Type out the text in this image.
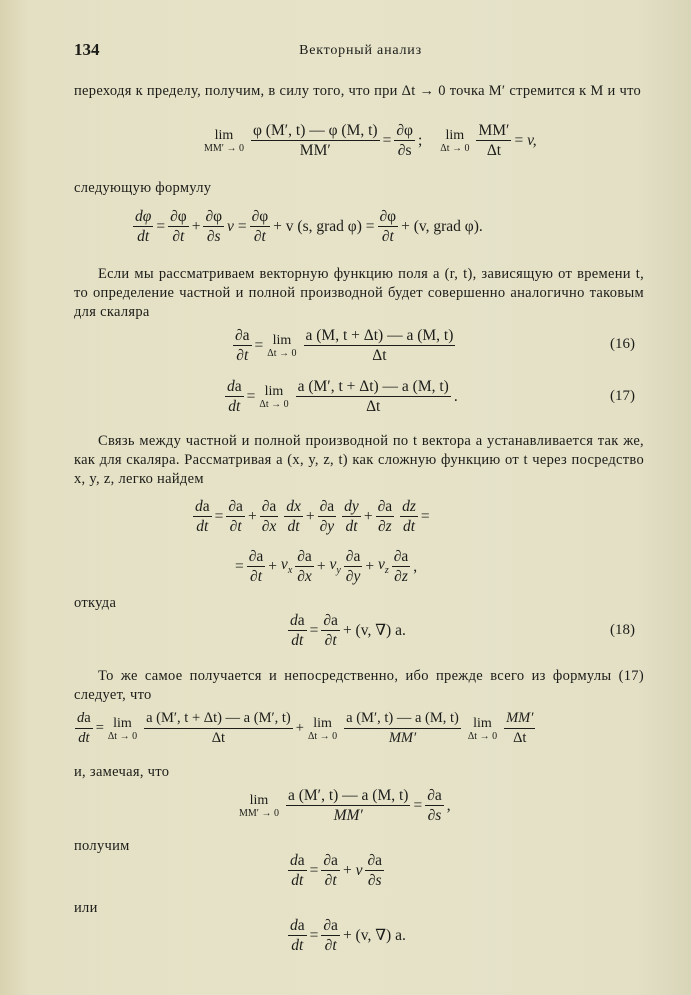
134	Векторный анализ
переходя к пределу, получим, в силу того, что при Δt → 0 точка M′ стремится к M и что
lim
$MM' \to 0 \frac{\varphi (M', t) — \varphi (M, t)}{MM'} = \frac{\partial\varphi}{\partial s}$ ; lim
$\Delta t \to 0 \frac{MM'}{\Delta t}$ =
v,
следующую формулу
$\frac{d\varphi}{dt} = \frac{\partial\varphi}{\partial t} + \frac{\partial\varphi}{\partial s}$ v
= $\frac{\partial\varphi}{\partial t} + v$ (s, grad $\varphi) = \frac{\partial\varphi}{\partial t} + (v$, grad φ).
Если мы рассматриваем векторную функцию поля a (r, t), зависящую от времени t, то определение частной и полной производной будет совершенно аналогично таковым для скаляра
$\frac{\partial a}{\partial t} = \lim$
$\Delta t \to 0 \frac{a (M, t + \Delta t) — a (M, t)}{\Delta t}$	(16)
$\frac{da}{dt} = \lim$
$\Delta t \to 0 \frac{a (M', t + \Delta t) — a (M, t)}{\Delta t}$ .	(17)
Связь между частной и полной производной по t вектора a устанавливается так же, как для скаляра. Рассматривая a (x, y, z, t) как сложную функцию от t через посредство x, y, z, легко найдем
$\frac{da}{dt} = \frac{\partial a}{\partial t} + \frac{\partial a}{\partial x} \frac{dx}{dt} + \frac{\partial a}{\partial y} \frac{dy}{dt} + \frac{\partial a}{\partial z} \frac{dz}{dt}$ =
= $\frac{\partial a}{\partial t}$ +
$v_x \frac{\partial a}{\partial x}$ +
$v_y \frac{\partial a}{\partial y}$ +
$v_z \frac{\partial a}{\partial z}$ ,
откуда
$\frac{da}{dt} = \frac{\partial a}{\partial t} + (v$, ∇) a.	(18)
То же самое получается и непосредственно, ибо прежде всего из формулы (17) следует, что
$\frac{da}{dt} = \lim$
$\Delta t \to 0 \frac{a (M', t + \Delta t) — a (M', t)}{\Delta t} + \lim$
$\Delta t \to 0 \frac{a (M', t) — a (M, t)}{MM'}$ lim
$\Delta t \to 0 \frac{MM'}{\Delta t}$
и, замечая, что
lim
$MM' \to 0 \frac{a (M', t) — a (M, t)}{MM'} = \frac{\partial a}{\partial s}$ ,
получим
$\frac{da}{dt} = \frac{\partial a}{\partial t}$ +
v $\frac{\partial a}{\partial s}$
или
$\frac{da}{dt} = \frac{\partial a}{\partial t} + (v$, ∇) a.
